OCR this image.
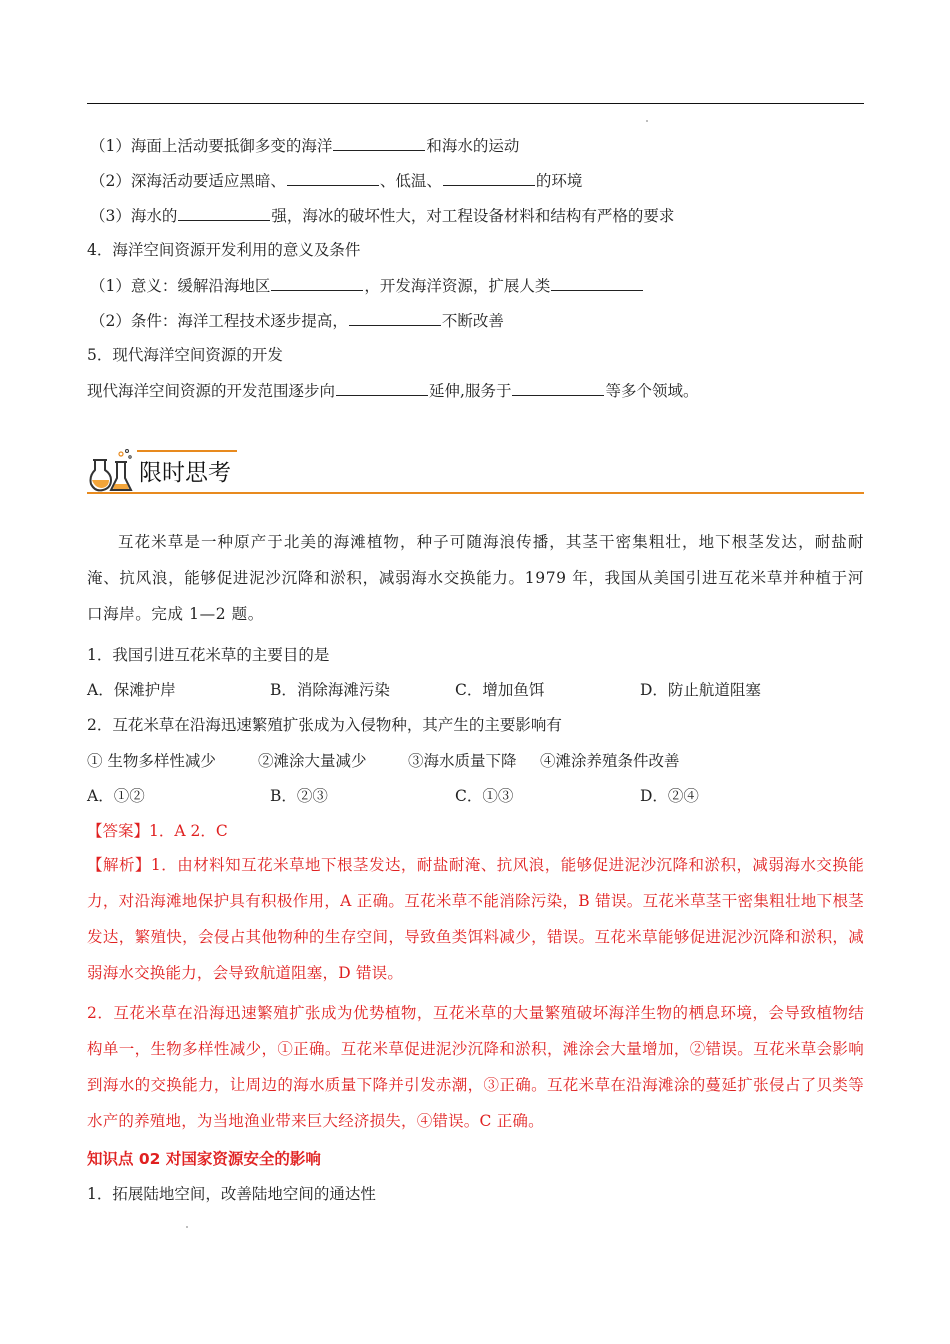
（1）海面上活动要抵御多变的海洋	和海水的运动
（2）深海活动要适应黑暗、	、低温、	的环境
（3）海水的	强，海冰的破坏性大，对工程设备材料和结构有严格的要求
4．海洋空间资源开发利用的意义及条件
（1）意义：缓解沿海地区	，开发海洋资源，扩展人类
（2）条件：海洋工程技术逐步提高，	不断改善
5．现代海洋空间资源的开发
现代海洋空间资源的开发范围逐步向	延伸,服务于	等多个领域。
限时思考
互花米草是一种原产于北美的海滩植物，种子可随海浪传播，其茎干密集粗壮，地下根茎发达，耐盐耐淹、抗风浪，能够促进泥沙沉降和淤积，减弱海水交换能力。1979 年，我国从美国引进互花米草并种植于河口海岸。完成 1—2 题。
1．我国引进互花米草的主要目的是
A．保滩护岸	B．消除海滩污染	C．增加鱼饵	D．防止航道阻塞
2．互花米草在沿海迅速繁殖扩张成为入侵物种，其产生的主要影响有
① 生物多样性减少	②滩涂大量减少	③海水质量下降 ④滩涂养殖条件改善
A．①②	B．②③	C．①③	D．②④
【答案】1．A 2．C
【解析】1．由材料知互花米草地下根茎发达，耐盐耐淹、抗风浪，能够促进泥沙沉降和淤积，减弱海水交换能力，对沿海滩地保护具有积极作用，A 正确。互花米草不能消除污染，B 错误。互花米草茎干密集粗壮地下根茎发达，繁殖快，会侵占其他物种的生存空间，导致鱼类饵料减少，错误。互花米草能够促进泥沙沉降和淤积，减弱海水交换能力，会导致航道阻塞，D 错误。
2．互花米草在沿海迅速繁殖扩张成为优势植物，互花米草的大量繁殖破坏海洋生物的栖息环境，会导致植物结构单一，生物多样性减少，①正确。互花米草促进泥沙沉降和淤积，滩涂会大量增加，②错误。互花米草会影响到海水的交换能力，让周边的海水质量下降并引发赤潮，③正确。互花米草在沿海滩涂的蔓延扩张侵占了贝类等水产的养殖地，为当地渔业带来巨大经济损失，④错误。C 正确。
知识点 02 对国家资源安全的影响
1．拓展陆地空间，改善陆地空间的通达性
